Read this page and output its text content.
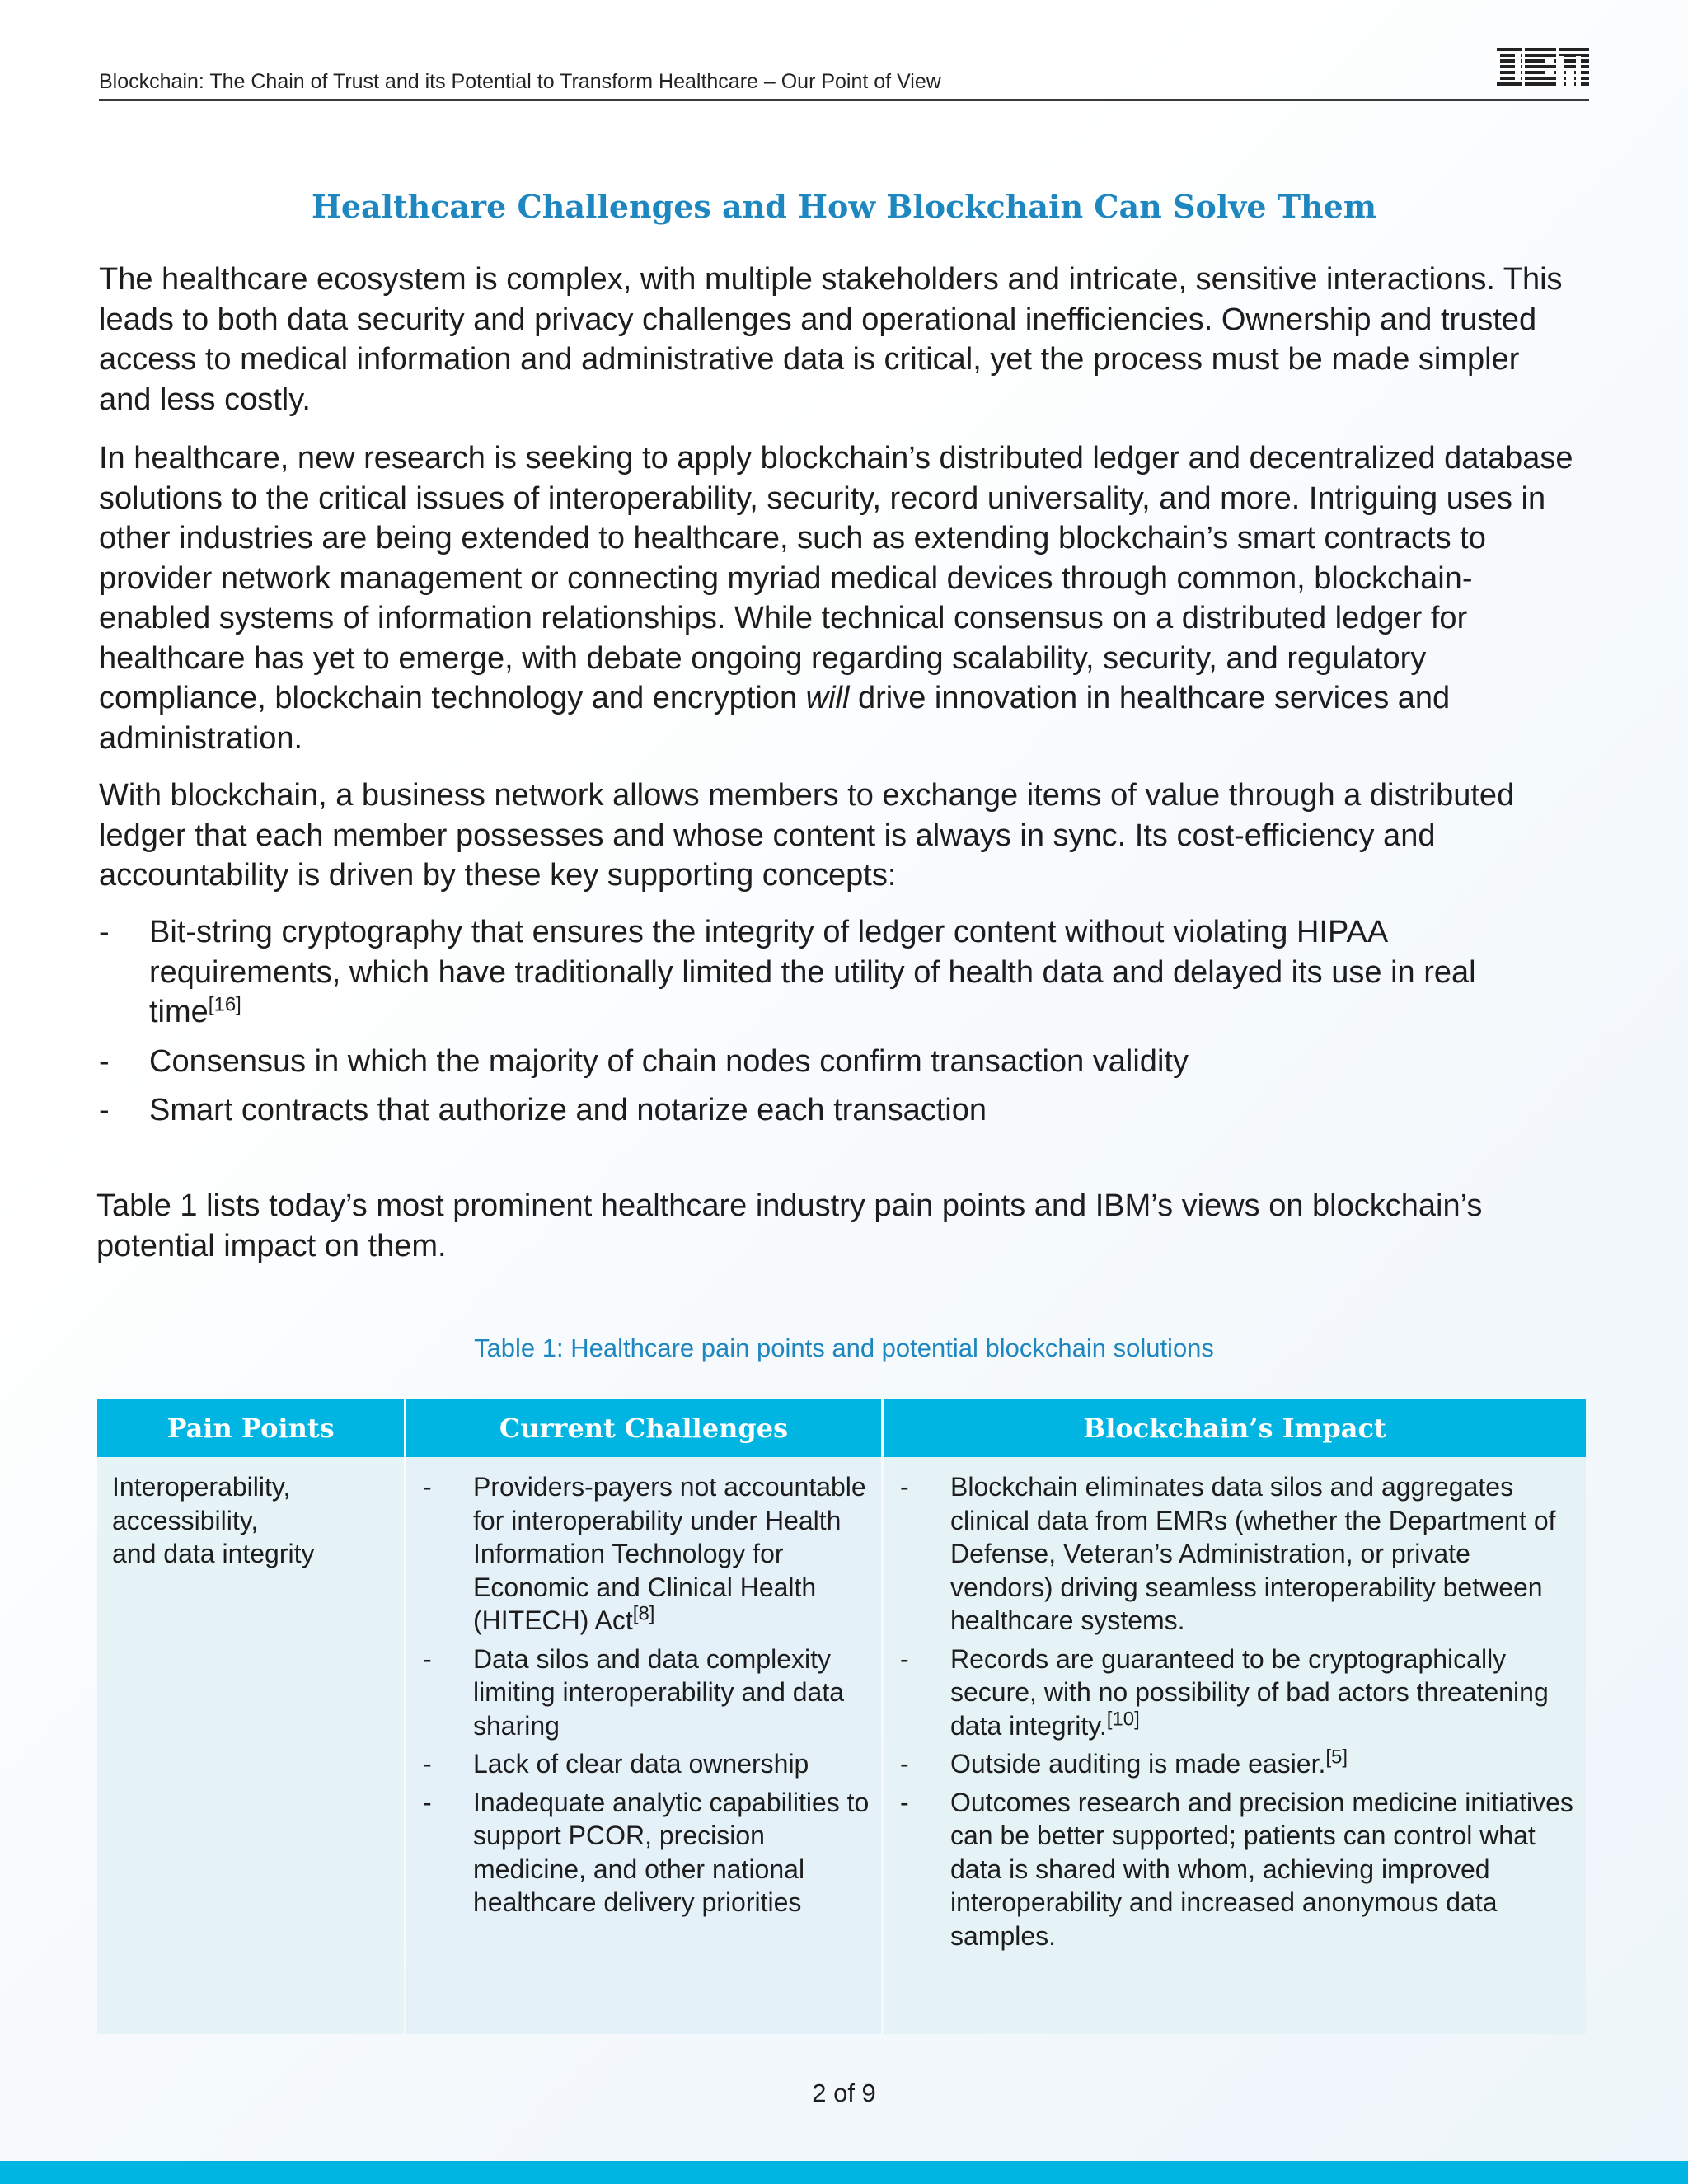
Blockchain: The Chain of Trust and its Potential to Transform Healthcare – Our Point of View
Healthcare Challenges and How Blockchain Can Solve Them

The healthcare ecosystem is complex, with multiple stakeholders and intricate, sensitive interactions. This leads to both data security and privacy challenges and operational inefficiencies. Ownership and trusted access to medical information and administrative data is critical, yet the process must be made simpler and less costly.

In healthcare, new research is seeking to apply blockchain’s distributed ledger and decentralized database solutions to the critical issues of interoperability, security, record universality, and more. Intriguing uses in other industries are being extended to healthcare, such as extending blockchain’s smart contracts to provider network management or connecting myriad medical devices through common, blockchain-enabled systems of information relationships. While technical consensus on a distributed ledger for healthcare has yet to emerge, with debate ongoing regarding scalability, security, and regulatory compliance, blockchain technology and encryption will drive innovation in healthcare services and administration.

With blockchain, a business network allows members to exchange items of value through a distributed ledger that each member possesses and whose content is always in sync. Its cost-efficiency and accountability is driven by these key supporting concepts:

- Bit-string cryptography that ensures the integrity of ledger content without violating HIPAA requirements, which have traditionally limited the utility of health data and delayed its use in real time[16]
- Consensus in which the majority of chain nodes confirm transaction validity
- Smart contracts that authorize and notarize each transaction

Table 1 lists today’s most prominent healthcare industry pain points and IBM’s views on blockchain’s potential impact on them.

Table 1: Healthcare pain points and potential blockchain solutions
Pain Points	Current Challenges	Blockchain’s Impact
Interoperability,
accessibility,
and data integrity
- Providers-payers not accountable for interoperability under Health Information Technology for Economic and Clinical Health (HITECH) Act[8]
- Data silos and data complexity limiting interoperability and data sharing
- Lack of clear data ownership
- Inadequate analytic capabilities to support PCOR, precision medicine, and other national healthcare delivery priorities
- Blockchain eliminates data silos and aggregates clinical data from EMRs (whether the Department of Defense, Veteran’s Administration, or private vendors) driving seamless interoperability between healthcare systems.
- Records are guaranteed to be cryptographically secure, with no possibility of bad actors threatening data integrity.[10]
- Outside auditing is made easier.[5]
- Outcomes research and precision medicine initiatives can be better supported; patients can control what data is shared with whom, achieving improved interoperability and increased anonymous data samples.
2 of 9
